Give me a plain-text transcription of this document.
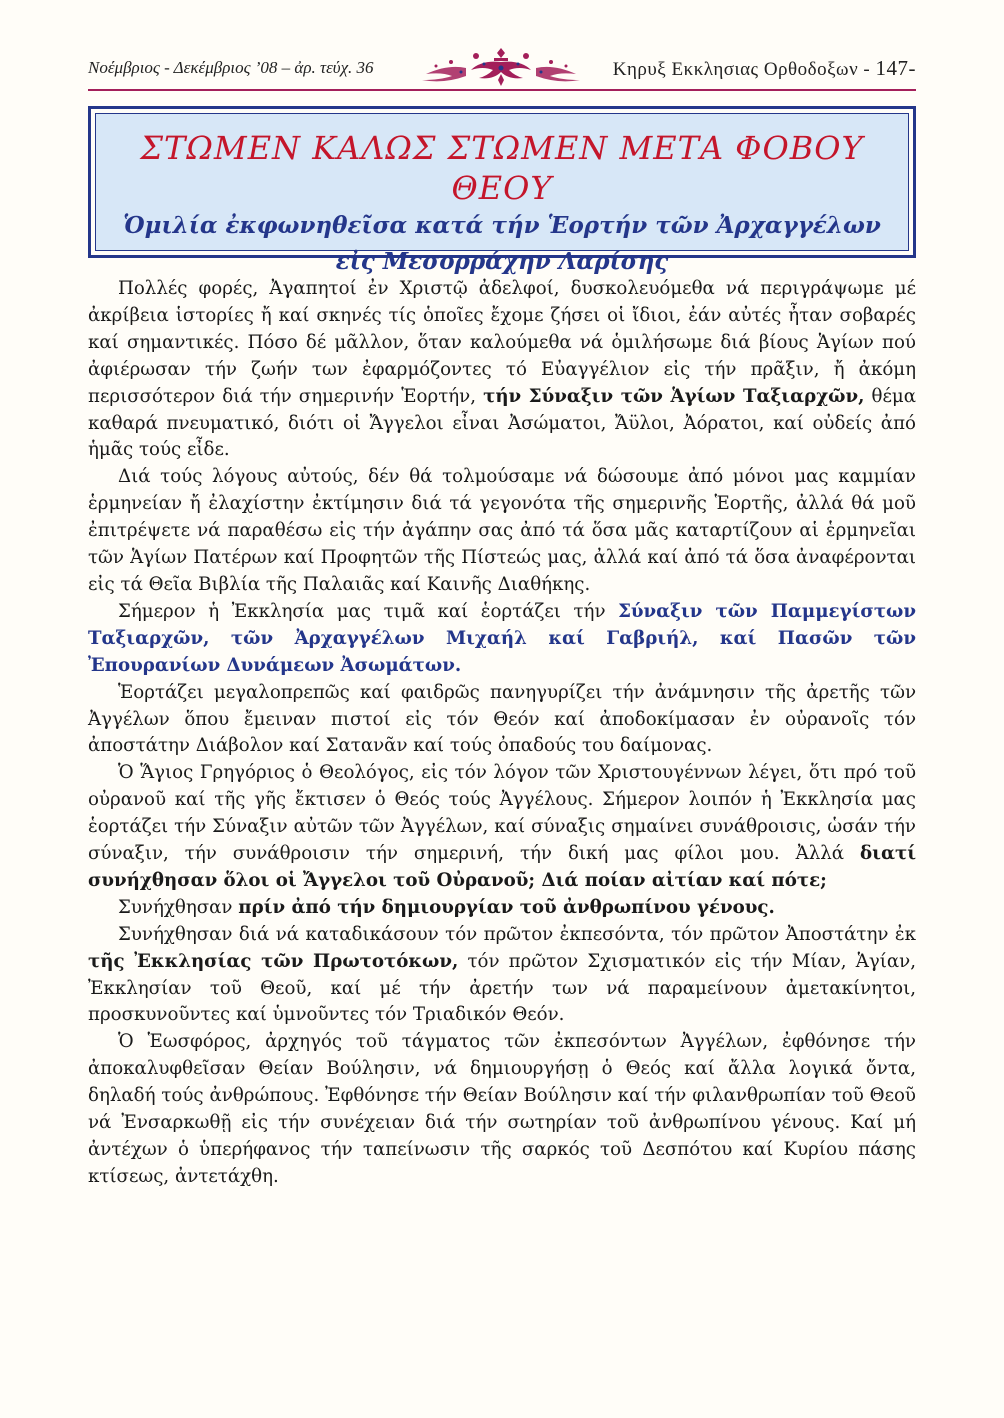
Νοέμβριος - Δεκέμβριος ’08 – ἀρ. τεύχ. 36	Κηρυξ Εκκλησιας Ορθοδοξων - 147-
ΣΤΩΜΕΝ ΚΑΛΩΣ ΣΤΩΜΕΝ ΜΕΤΑ ΦΟΒΟΥ ΘΕΟΥ
Ὁμιλία ἐκφωνηθεῖσα κατά τήν Ἑορτήν τῶν Ἀρχαγγέλων
εἰς Μεσορράχην Λαρίσης

Πολλές φορές, Ἀγαπητοί ἐν Χριστῷ ἀδελφοί, δυσκολευόμεθα νά περιγράψωμε μέ ἀκρίβεια ἱστορίες ἤ καί σκηνές τίς ὁποῖες ἔχομε ζήσει οἱ ἴδιοι, ἐάν αὐτές ἦταν σοβαρές καί σημαντικές. Πόσο δέ μᾶλλον, ὅταν καλούμεθα νά ὁμιλήσωμε διά βίους Ἁγίων πού ἀφιέρωσαν τήν ζωήν των ἐφαρμόζοντες τό Εὐαγγέλιον εἰς τήν πρᾶξιν, ἤ ἀκόμη περισσότερον διά τήν σημερινήν Ἑορτήν, τήν Σύναξιν τῶν Ἁγίων Ταξιαρχῶν, θέμα καθαρά πνευματικό, διότι οἱ Ἄγγελοι εἶναι Ἀσώματοι, Ἄϋλοι, Ἀόρατοι, καί οὐδείς ἀπό ἡμᾶς τούς εἶδε.

Διά τούς λόγους αὐτούς, δέν θά τολμούσαμε νά δώσουμε ἀπό μόνοι μας καμμίαν ἑρμηνείαν ἤ ἐλαχίστην ἐκτίμησιν διά τά γεγονότα τῆς σημερινῆς Ἑορτῆς, ἀλλά θά μοῦ ἐπιτρέψετε νά παραθέσω εἰς τήν ἀγάπην σας ἀπό τά ὅσα μᾶς καταρτίζουν αἱ ἑρμηνεῖαι τῶν Ἁγίων Πατέρων καί Προφητῶν τῆς Πίστεώς μας, ἀλλά καί ἀπό τά ὅσα ἀναφέρονται εἰς τά Θεῖα Βιβλία τῆς Παλαιᾶς καί Καινῆς Διαθήκης.

Σήμερον ἡ Ἐκκλησία μας τιμᾶ καί ἑορτάζει τήν Σύναξιν τῶν Παμμεγίστων Ταξιαρχῶν, τῶν Ἀρχαγγέλων Μιχαήλ καί Γαβριήλ, καί Πασῶν τῶν Ἐπουρανίων Δυνάμεων Ἀσωμάτων.

Ἑορτάζει μεγαλοπρεπῶς καί φαιδρῶς πανηγυρίζει τήν ἀνάμνησιν τῆς ἀρετῆς τῶν Ἀγγέλων ὅπου ἔμειναν πιστοί εἰς τόν Θεόν καί ἀποδοκίμασαν ἐν οὐρανοῖς τόν ἀποστάτην Διάβολον καί Σατανᾶν καί τούς ὀπαδούς του δαίμονας.

Ὁ Ἅγιος Γρηγόριος ὁ Θεολόγος, εἰς τόν λόγον τῶν Χριστουγέννων λέγει, ὅτι πρό τοῦ οὐρανοῦ καί τῆς γῆς ἔκτισεν ὁ Θεός τούς Ἀγγέλους. Σήμερον λοιπόν ἡ Ἐκκλησία μας ἑορτάζει τήν Σύναξιν αὐτῶν τῶν Ἀγγέλων, καί σύναξις σημαίνει συνάθροισις, ὡσάν τήν σύναξιν, τήν συνάθροισιν τήν σημερινή, τήν δική μας φίλοι μου. Ἀλλά διατί συνήχθησαν ὅλοι οἱ Ἄγγελοι τοῦ Οὐρανοῦ; Διά ποίαν αἰτίαν καί πότε;

Συνήχθησαν πρίν ἀπό τήν δημιουργίαν τοῦ ἀνθρωπίνου γένους.

Συνήχθησαν διά νά καταδικάσουν τόν πρῶτον ἐκπεσόντα, τόν πρῶτον Ἀποστάτην ἐκ τῆς Ἐκκλησίας τῶν Πρωτοτόκων, τόν πρῶτον Σχισματικόν εἰς τήν Μίαν, Ἁγίαν, Ἐκκλησίαν τοῦ Θεοῦ, καί μέ τήν ἀρετήν των νά παραμείνουν ἀμετακίνητοι, προσκυνοῦντες καί ὑμνοῦντες τόν Τριαδικόν Θεόν.

Ὁ Ἑωσφόρος, ἀρχηγός τοῦ τάγματος τῶν ἐκπεσόντων Ἀγγέλων, ἐφθόνησε τήν ἀποκαλυφθεῖσαν Θείαν Βούλησιν, νά δημιουργήσῃ ὁ Θεός καί ἄλλα λογικά ὄντα, δηλαδή τούς ἀνθρώπους. Ἐφθόνησε τήν Θείαν Βούλησιν καί τήν φιλανθρωπίαν τοῦ Θεοῦ νά Ἐνσαρκωθῇ εἰς τήν συνέχειαν διά τήν σωτηρίαν τοῦ ἀνθρωπίνου γένους. Καί μή ἀντέχων ὁ ὑπερήφανος τήν ταπείνωσιν τῆς σαρκός τοῦ Δεσπότου καί Κυρίου πάσης κτίσεως, ἀντετάχθη.
